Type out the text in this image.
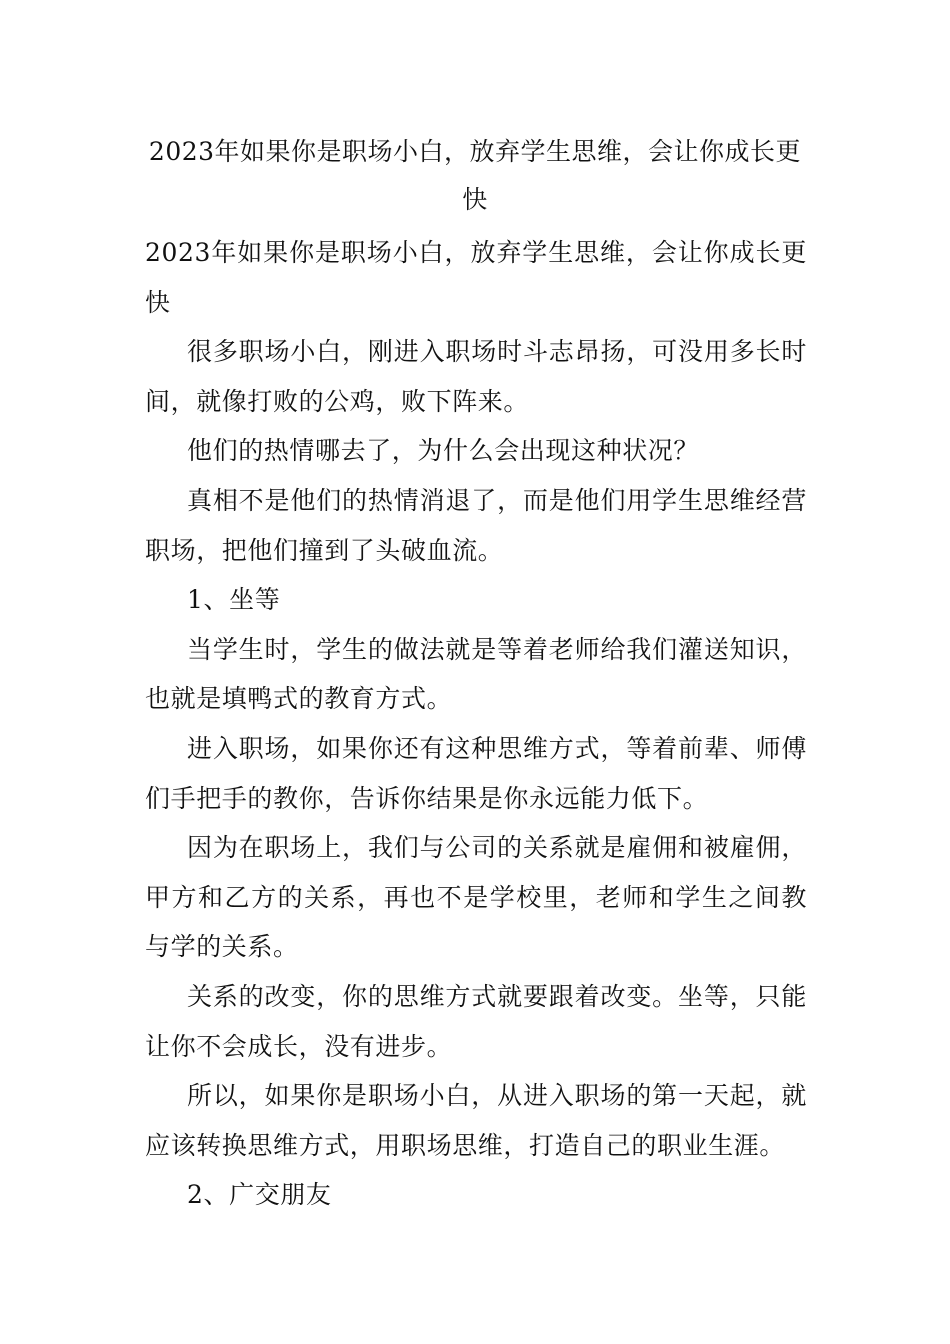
2023年如果你是职场小白，放弃学生思维，会让你成长更快

2023年如果你是职场小白，放弃学生思维，会让你成长更快

很多职场小白，刚进入职场时斗志昂扬，可没用多长时间，就像打败的公鸡，败下阵来。

他们的热情哪去了，为什么会出现这种状况？

真相不是他们的热情消退了，而是他们用学生思维经营职场，把他们撞到了头破血流。

1、坐等

当学生时，学生的做法就是等着老师给我们灌送知识，也就是填鸭式的教育方式。

进入职场，如果你还有这种思维方式，等着前辈、师傅们手把手的教你，告诉你结果是你永远能力低下。

因为在职场上，我们与公司的关系就是雇佣和被雇佣，甲方和乙方的关系，再也不是学校里，老师和学生之间教与学的关系。

关系的改变，你的思维方式就要跟着改变。坐等，只能让你不会成长，没有进步。

所以，如果你是职场小白，从进入职场的第一天起，就应该转换思维方式，用职场思维，打造自己的职业生涯。

2、广交朋友
